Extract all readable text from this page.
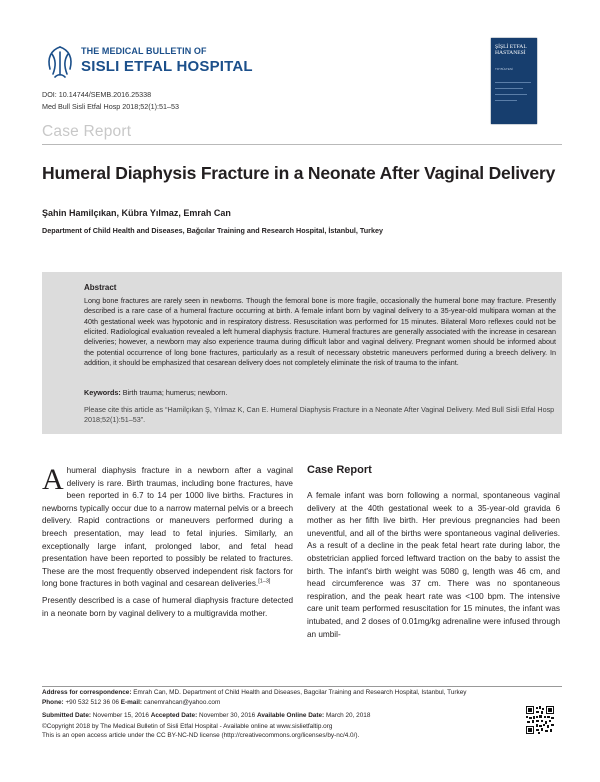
THE MEDICAL BULLETIN OF
SISLI ETFAL HOSPITAL
DOI: 10.14744/SEMB.2016.25338
Med Bull Sisli Etfal Hosp 2018;52(1):51–53
Case Report
ŞİŞLİ ETFAL HASTANESİ
TIP BÜLTENİ
Humeral Diaphysis Fracture in a Neonate After Vaginal Delivery
Şahin Hamilçıkan, Kübra Yılmaz, Emrah Can
Department of Child Health and Diseases, Bağcılar Training and Research Hospital, İstanbul, Turkey
Abstract
Long bone fractures are rarely seen in newborns. Though the femoral bone is more fragile, occasionally the humeral bone may fracture. Presently described is a rare case of a humeral fracture occurring at birth. A female infant born by vaginal delivery to a 35-year-old multipara woman at the 40th gestational week was hypotonic and in respiratory distress. Resuscitation was performed for 15 minutes. Bilateral Moro reflexes could not be elicited. Radiological evaluation revealed a left humeral diaphysis fracture. Humeral fractures are generally associated with the increase in cesarean deliveries; however, a newborn may also experience trauma during difficult labor and vaginal delivery. Pregnant women should be informed about the potential occurrence of long bone fractures, particularly as a result of necessary obstetric maneuvers performed during a breech delivery. In addition, it should be emphasized that cesarean delivery does not completely eliminate the risk of trauma to the infant.
Keywords: Birth trauma; humerus; newborn.
Please cite this article as “Hamilçıkan Ş, Yılmaz K, Can E. Humeral Diaphysis Fracture in a Neonate After Vaginal Delivery. Med Bull Sisli Etfal Hosp 2018;52(1):51–53”.

A humeral diaphysis fracture in a newborn after a vaginal delivery is rare. Birth traumas, including bone fractures, have been reported in 6.7 to 14 per 1000 live births. Fractures in newborns typically occur due to a narrow maternal pelvis or a breech delivery. Rapid contractions or maneuvers performed during a breech presentation, may lead to fetal injuries. Similarly, an exceptionally large infant, prolonged labor, and fetal head presentation have been reported to possibly be related to fractures. These are the most frequently observed independent risk factors for long bone fractures in both vaginal and cesarean deliveries.[1–3]

Presently described is a case of humeral diaphysis fracture detected in a neonate born by vaginal delivery to a multigravida mother.

Case Report

A female infant was born following a normal, spontaneous vaginal delivery at the 40th gestational week to a 35-year-old gravida 6 mother as her fifth live birth. Her previous pregnancies had been uneventful, and all of the births were spontaneous vaginal deliveries. As a result of a decline in the peak fetal heart rate during labor, the obstetrician applied forced leftward traction on the baby to assist the birth. The infant's birth weight was 5080 g, length was 46 cm, and head circumference was 37 cm. There was no spontaneous respiration, and the peak heart rate was <100 bpm. The intensive care unit team performed resuscitation for 15 minutes, the infant was intubated, and 2 doses of 0.01mg/kg adrenaline were infused through an umbil-

Address for correspondence: Emrah Can, MD. Department of Child Health and Diseases, Bagcilar Training and Research Hospital, Istanbul, Turkey
Phone: +90 532 512 36 06 E-mail: canemrahcan@yahoo.com
Submitted Date: November 15, 2016 Accepted Date: November 30, 2016 Available Online Date: March 20, 2018
©Copyright 2018 by The Medical Bulletin of Sisli Etfal Hospital - Available online at www.sislietfaltip.org
This is an open access article under the CC BY-NC-ND license (http://creativecommons.org/licenses/by-nc/4.0/).
